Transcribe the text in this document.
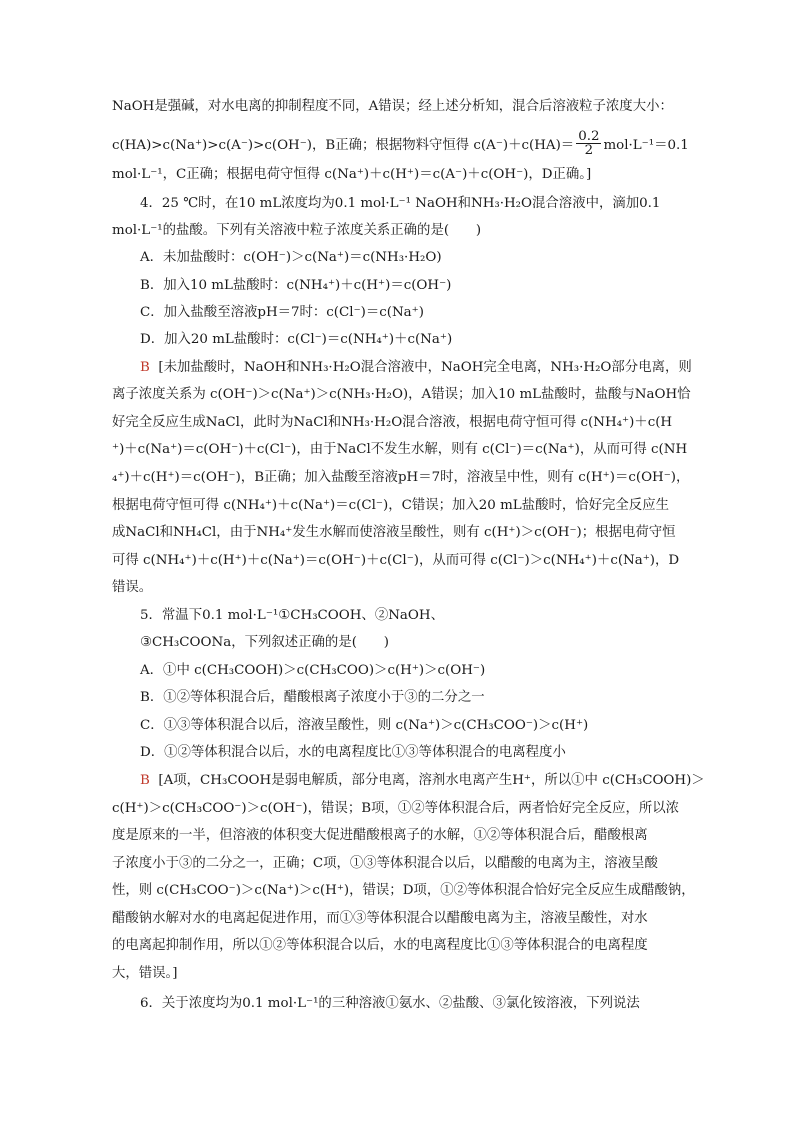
NaOH是强碱，对水电离的抑制程度不同，A错误；经上述分析知，混合后溶液粒子浓度大小：
c(HA)>c(Na⁺)>c(A⁻)>c(OH⁻)，B正确；根据物料守恒得 $c(A^-)+c(HA)= \frac{0.2}{2} mol\cdot L^{-1}=0.1$
mol·L⁻¹，C正确；根据电荷守恒得 c(Na⁺)＋c(H⁺)＝c(A⁻)＋c(OH⁻)，D正确。]
4．25 ℃时，在10 mL浓度均为0.1 mol·L⁻¹ NaOH和NH₃·H₂O混合溶液中，滴加0.1
mol·L⁻¹的盐酸。下列有关溶液中粒子浓度关系正确的是(　　)
A．未加盐酸时：c(OH⁻)＞c(Na⁺)＝c(NH₃·H₂O)
B．加入10 mL盐酸时：c(NH₄⁺)＋c(H⁺)＝c(OH⁻)
C．加入盐酸至溶液pH＝7时：c(Cl⁻)＝c(Na⁺)
D．加入20 mL盐酸时：c(Cl⁻)＝c(NH₄⁺)＋c(Na⁺)
B [未加盐酸时，NaOH和NH₃·H₂O混合溶液中，NaOH完全电离，NH₃·H₂O部分电离，则
离子浓度关系为 c(OH⁻)＞c(Na⁺)＞c(NH₃·H₂O)，A错误；加入10 mL盐酸时，盐酸与NaOH恰
好完全反应生成NaCl，此时为NaCl和NH₃·H₂O混合溶液，根据电荷守恒可得 c(NH₄⁺)＋c(H
⁺)＋c(Na⁺)＝c(OH⁻)＋c(Cl⁻)，由于NaCl不发生水解，则有 c(Cl⁻)＝c(Na⁺)，从而可得 c(NH
₄⁺)＋c(H⁺)＝c(OH⁻)，B正确；加入盐酸至溶液pH＝7时，溶液呈中性，则有 c(H⁺)＝c(OH⁻)，
根据电荷守恒可得 c(NH₄⁺)＋c(Na⁺)＝c(Cl⁻)，C错误；加入20 mL盐酸时，恰好完全反应生
成NaCl和NH₄Cl，由于NH₄⁺发生水解而使溶液呈酸性，则有 c(H⁺)＞c(OH⁻)；根据电荷守恒
可得 c(NH₄⁺)＋c(H⁺)＋c(Na⁺)＝c(OH⁻)＋c(Cl⁻)，从而可得 c(Cl⁻)＞c(NH₄⁺)＋c(Na⁺)，D
错误。
5．常温下0.1 mol·L⁻¹①CH₃COOH、②NaOH、
③CH₃COONa，下列叙述正确的是(　　)
A．①中 c(CH₃COOH)＞c(CH₃COO)＞c(H⁺)＞c(OH⁻)
B．①②等体积混合后，醋酸根离子浓度小于③的二分之一
C．①③等体积混合以后，溶液呈酸性，则 c(Na⁺)＞c(CH₃COO⁻)＞c(H⁺)
D．①②等体积混合以后，水的电离程度比①③等体积混合的电离程度小
B [A项，CH₃COOH是弱电解质，部分电离，溶剂水电离产生H⁺，所以①中 c(CH₃COOH)＞
c(H⁺)＞c(CH₃COO⁻)＞c(OH⁻)，错误；B项，①②等体积混合后，两者恰好完全反应，所以浓
度是原来的一半，但溶液的体积变大促进醋酸根离子的水解，①②等体积混合后，醋酸根离
子浓度小于③的二分之一，正确；C项，①③等体积混合以后，以醋酸的电离为主，溶液呈酸
性，则 c(CH₃COO⁻)＞c(Na⁺)＞c(H⁺)，错误；D项，①②等体积混合恰好完全反应生成醋酸钠，
醋酸钠水解对水的电离起促进作用，而①③等体积混合以醋酸电离为主，溶液呈酸性，对水
的电离起抑制作用，所以①②等体积混合以后，水的电离程度比①③等体积混合的电离程度
大，错误。]
6．关于浓度均为0.1 mol·L⁻¹的三种溶液①氨水、②盐酸、③氯化铵溶液，下列说法
